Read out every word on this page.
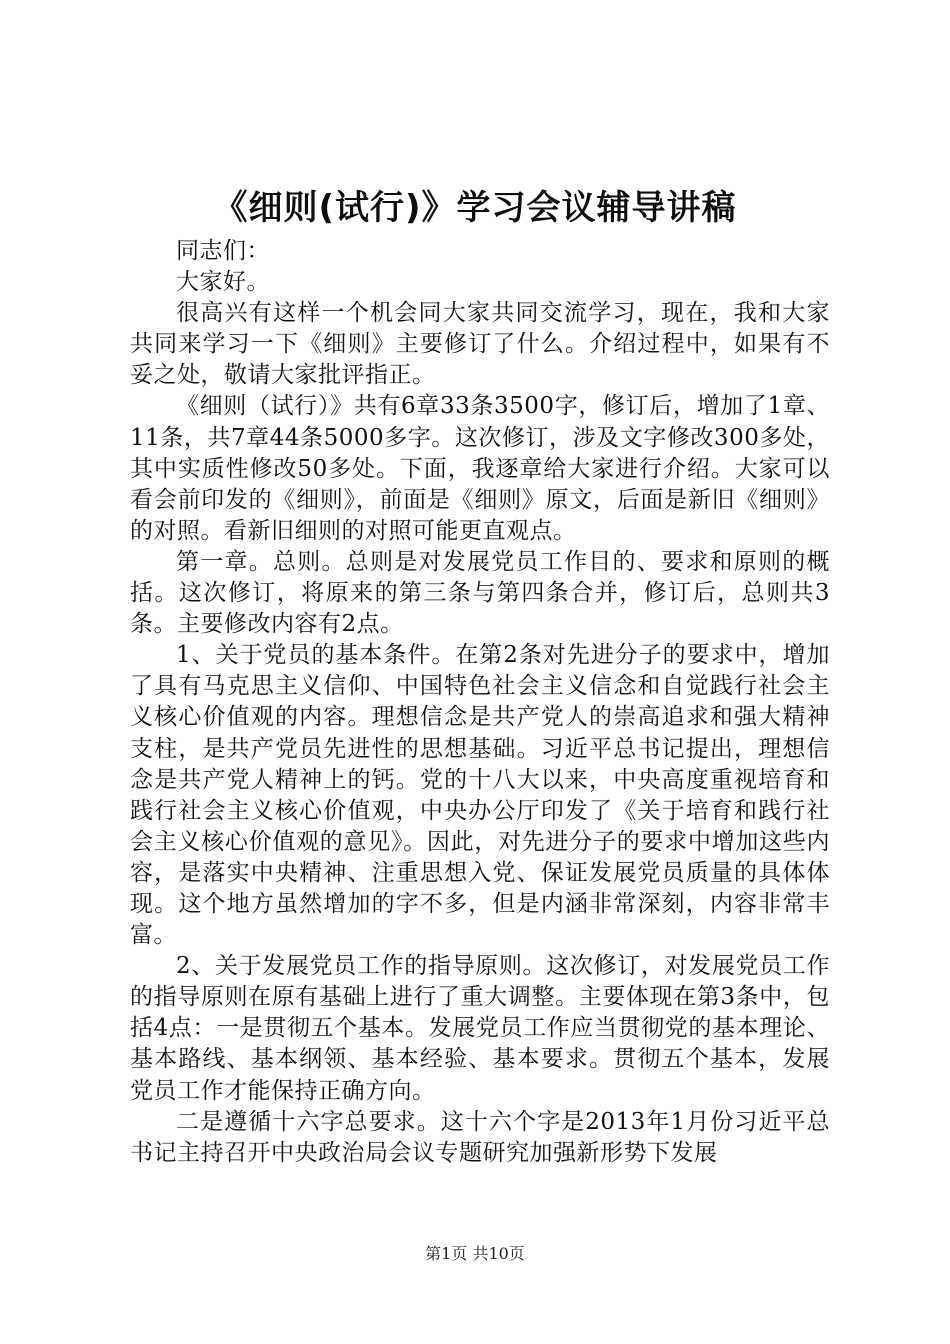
《细则(试行)》学习会议辅导讲稿

同志们：

大家好。

很高兴有这样一个机会同大家共同交流学习，现在，我和大家共同来学习一下《细则》主要修订了什么。介绍过程中，如果有不妥之处，敬请大家批评指正。

《细则（试行）》共有6章33条3500字，修订后，增加了1章、11条，共7章44条5000多字。这次修订，涉及文字修改300多处，其中实质性修改50多处。下面，我逐章给大家进行介绍。大家可以看会前印发的《细则》，前面是《细则》原文，后面是新旧《细则》的对照。看新旧细则的对照可能更直观点。

第一章。总则。总则是对发展党员工作目的、要求和原则的概括。这次修订，将原来的第三条与第四条合并，修订后，总则共3条。主要修改内容有2点。

1、关于党员的基本条件。在第2条对先进分子的要求中，增加了具有马克思主义信仰、中国特色社会主义信念和自觉践行社会主义核心价值观的内容。理想信念是共产党人的崇高追求和强大精神支柱，是共产党员先进性的思想基础。习近平总书记提出，理想信念是共产党人精神上的钙。党的十八大以来，中央高度重视培育和践行社会主义核心价值观，中央办公厅印发了《关于培育和践行社会主义核心价值观的意见》。因此，对先进分子的要求中增加这些内容，是落实中央精神、注重思想入党、保证发展党员质量的具体体现。这个地方虽然增加的字不多，但是内涵非常深刻，内容非常丰富。

2、关于发展党员工作的指导原则。这次修订，对发展党员工作的指导原则在原有基础上进行了重大调整。主要体现在第3条中，包括4点：一是贯彻五个基本。发展党员工作应当贯彻党的基本理论、基本路线、基本纲领、基本经验、基本要求。贯彻五个基本，发展党员工作才能保持正确方向。

二是遵循十六字总要求。这十六个字是2013年1月份习近平总书记主持召开中央政治局会议专题研究加强新形势下发展

第1页 共10页
